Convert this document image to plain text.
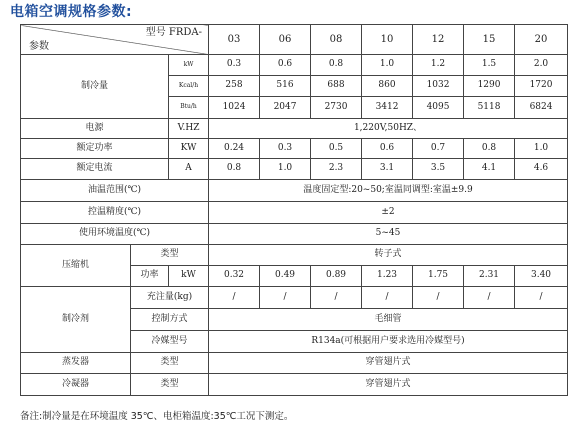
电箱空调规格参数:
型号 FRDA-
参数			03	06	08	10	12	15	20
制冷量		kW	0.3	0.6	0.8	1.0	1.2	1.5	2.0
		Kcal/h	258	516	688	860	1032	1290	1720
		Btu/h	1024	2047	2730	3412	4095	5118	6824
电源		V.HZ	1,220V,50HZ、						
额定功率		KW	0.24	0.3	0.5	0.6	0.7	0.8	1.0
额定电流		A	0.8	1.0	2.3	3.1	3.5	4.1	4.6
油温范围(℃)			温度固定型:20~50;室温同调型:室温±9.9						
控温精度(℃)			±2						
使用环境温度(℃)			5~45						
压缩机	类型		转子式						
	功率	kW	0.32	0.49	0.89	1.23	1.75	2.31	3.40
制冷剂	充注量(kg)		/	/	/	/	/	/	/
	控制方式		毛细管						
	冷媒型号		R134a(可根据用户要求选用冷媒型号)						
蒸发器	类型		穿管翅片式						
冷凝器	类型		穿管翅片式						
备注:制冷量是在环境温度 35℃、电柜箱温度:35℃工况下测定。
